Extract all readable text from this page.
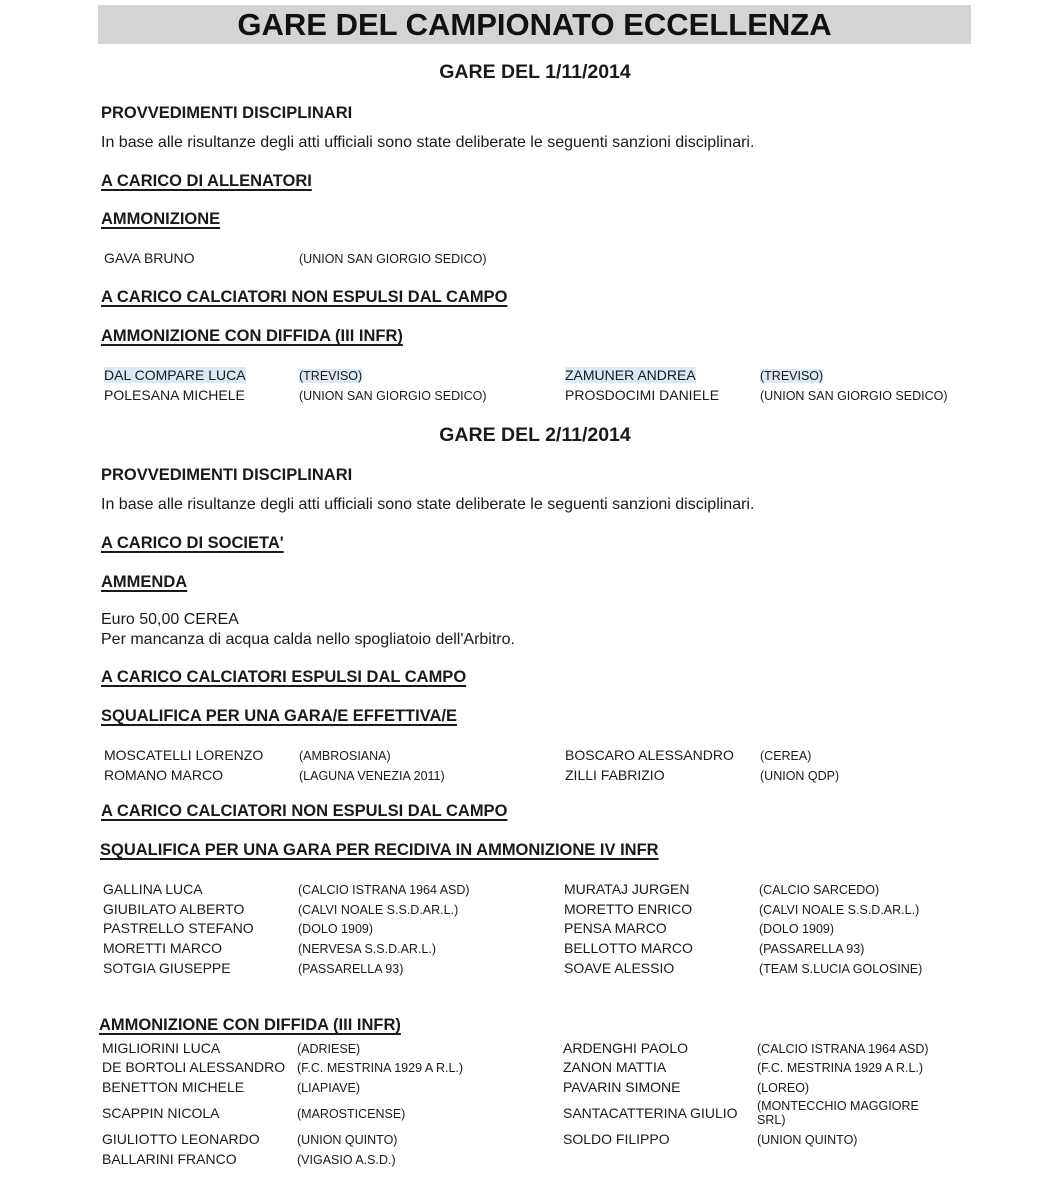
GARE DEL CAMPIONATO ECCELLENZA
GARE DEL 1/11/2014
PROVVEDIMENTI DISCIPLINARI
In base alle risultanze degli atti ufficiali sono state deliberate le seguenti sanzioni disciplinari.
A CARICO DI ALLENATORI
AMMONIZIONE
GAVA BRUNO	(UNION SAN GIORGIO SEDICO)
A CARICO CALCIATORI NON ESPULSI DAL CAMPO
AMMONIZIONE CON DIFFIDA (III INFR)
DAL COMPARE LUCA	(TREVISO)	ZAMUNER ANDREA	(TREVISO)
POLESANA MICHELE	(UNION SAN GIORGIO SEDICO)	PROSDOCIMI DANIELE	(UNION SAN GIORGIO SEDICO)
GARE DEL 2/11/2014
PROVVEDIMENTI DISCIPLINARI
In base alle risultanze degli atti ufficiali sono state deliberate le seguenti sanzioni disciplinari.
A CARICO DI SOCIETA'
AMMENDA
Euro 50,00 CEREA
Per mancanza di acqua calda nello spogliatoio dell'Arbitro.
A CARICO CALCIATORI ESPULSI DAL CAMPO
SQUALIFICA PER UNA GARA/E EFFETTIVA/E
MOSCATELLI LORENZO	(AMBROSIANA)	BOSCARO ALESSANDRO (CEREA)
ROMANO MARCO	(LAGUNA VENEZIA 2011)	ZILLI FABRIZIO	(UNION QDP)
A CARICO CALCIATORI NON ESPULSI DAL CAMPO
SQUALIFICA PER UNA GARA PER RECIDIVA IN AMMONIZIONE IV INFR
GALLINA LUCA	(CALCIO ISTRANA 1964 ASD)	MURATAJ JURGEN	(CALCIO SARCEDO)
GIUBILATO ALBERTO	(CALVI NOALE S.S.D.AR.L.)	MORETTO ENRICO	(CALVI NOALE S.S.D.AR.L.)
PASTRELLO STEFANO	(DOLO 1909)	PENSA MARCO	(DOLO 1909)
MORETTI MARCO	(NERVESA S.S.D.AR.L.)	BELLOTTO MARCO	(PASSARELLA 93)
SOTGIA GIUSEPPE	(PASSARELLA 93)	SOAVE ALESSIO	(TEAM S.LUCIA GOLOSINE)
AMMONIZIONE CON DIFFIDA (III INFR)
MIGLIORINI LUCA	(ADRIESE)	ARDENGHI PAOLO	(CALCIO ISTRANA 1964 ASD)
DE BORTOLI ALESSANDRO (F.C. MESTRINA 1929 A R.L.)	ZANON MATTIA	(F.C. MESTRINA 1929 A R.L.)
BENETTON MICHELE	(LIAPIAVE)	PAVARIN SIMONE	(LOREO)
SCAPPIN NICOLA	(MAROSTICENSE)	SANTACATTERINA GIULIO (MONTECCHIO MAGGIORE SRL)
GIULIOTTO LEONARDO	(UNION QUINTO)	SOLDO FILIPPO	(UNION QUINTO)
BALLARINI FRANCO	(VIGASIO A.S.D.)
